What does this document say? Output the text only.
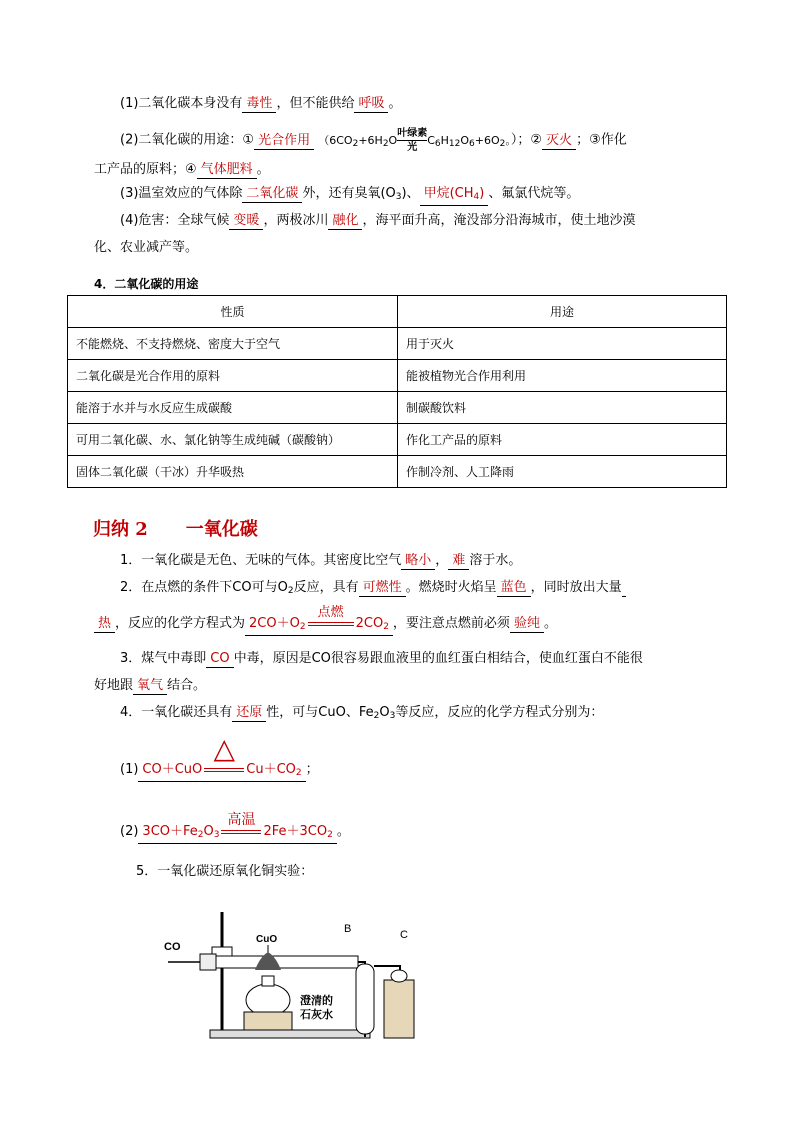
(1)二氧化碳本身没有 毒性 ，但不能供给 呼吸 。
(2)二氧化碳的用途：① 光合作用 （$6CO_2+6H_2O$ 叶绿素
光
$C_6H_{12}O_6+6O_2$。）；② 灭火 ；③作化
工产品的原料；④ 气体肥料 。
(3)温室效应的气体除 二氧化碳 外，还有臭氧$(O_3)$、 甲烷$(CH_4)$ 、氟氯代烷等。
(4)危害：全球气候 变暖 ，两极冰川 融化 ，海平面升高，淹没部分沿海城市，使土地沙漠
化、农业减产等。
4．二氧化碳的用途
性质	用途
不能燃烧、不支持燃烧、密度大于空气	用于灭火
二氧化碳是光合作用的原料	能被植物光合作用利用
能溶于水并与水反应生成碳酸	制碳酸饮料
可用二氧化碳、水、氯化钠等生成纯碱（碳酸钠）	作化工产品的原料
固体二氧化碳（干冰）升华吸热	作制冷剂、人工降雨
归纳 2 一氧化碳
1．一氧化碳是无色、无味的气体。其密度比空气 略小 ， 难 溶于水。
2．在点燃的条件下CO可与$O_2$反应，具有 可燃性 。燃烧时火焰呈 蓝色 ，同时放出大量
热 ，反应的化学方程式为 $2CO+O_2$
点燃
$2CO_2$ ，要注意点燃前必须 验纯 。
3．煤气中毒即 CO 中毒，原因是CO很容易跟血液里的血红蛋白相结合，使血红蛋白不能很
好地跟 氧气 结合。
4．一氧化碳还具有 还原 性，可与CuO、$Fe_2O_3$等反应，反应的化学方程式分别为：
(1) CO＋CuO
△
$Cu+CO_2$ ；
(2) $3CO+Fe_2O_3$
高温
$2Fe+3CO_2$ 。
5．一氧化碳还原氧化铜实验：
CO
CuO
B
澄清的
石灰水
C
